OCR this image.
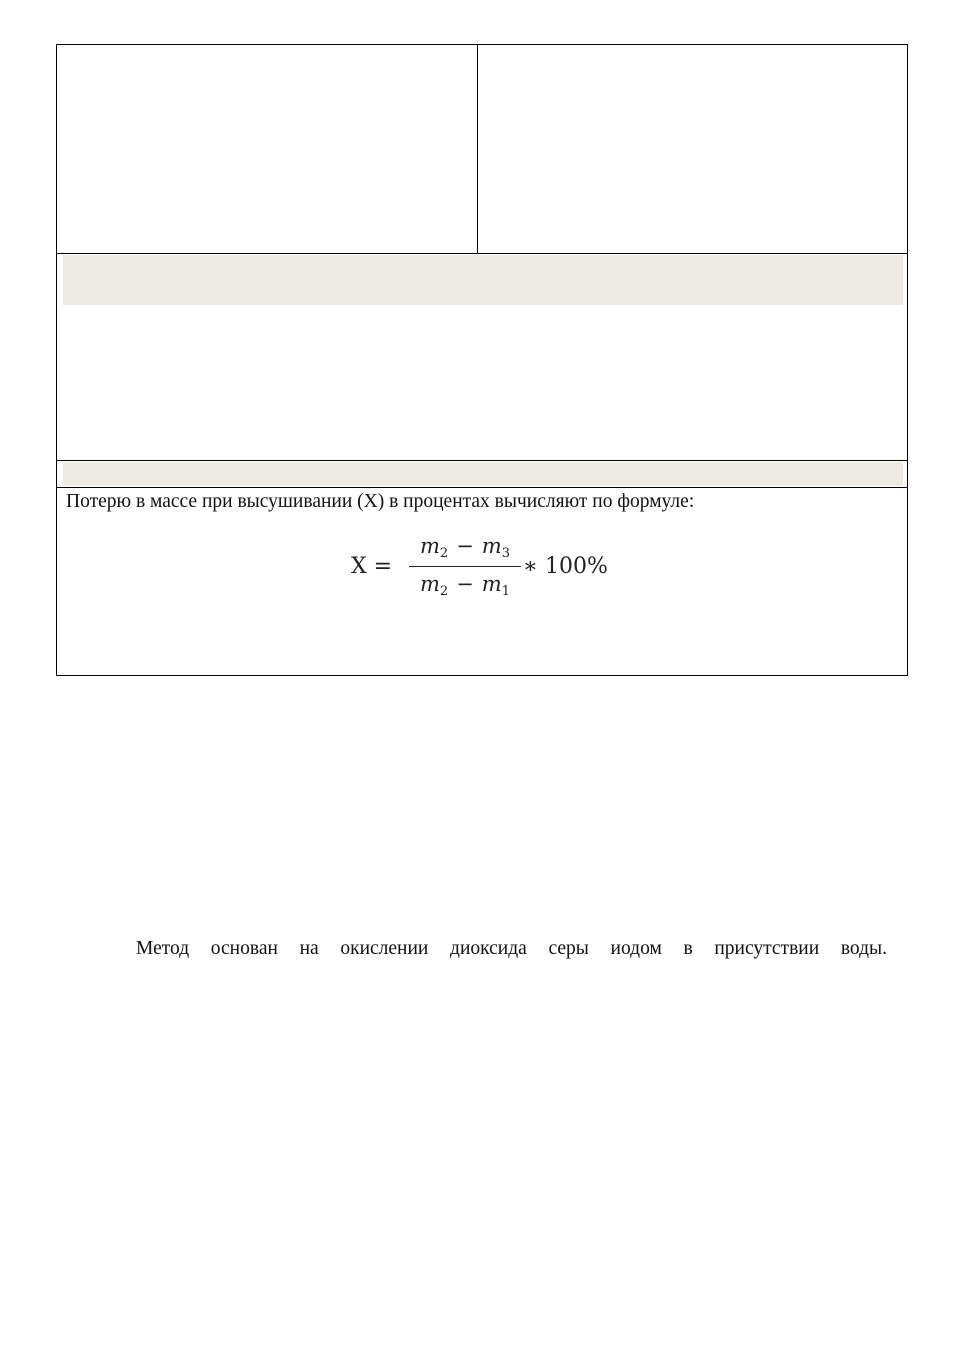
Потерю в массе при высушивании (X) в процентах вычисляют по формуле:
X =
$m_2 - m_3$
$m_2 - m_1$
∗ 100%
Метод основан на окислении диоксида серы иодом в присутствии воды.
